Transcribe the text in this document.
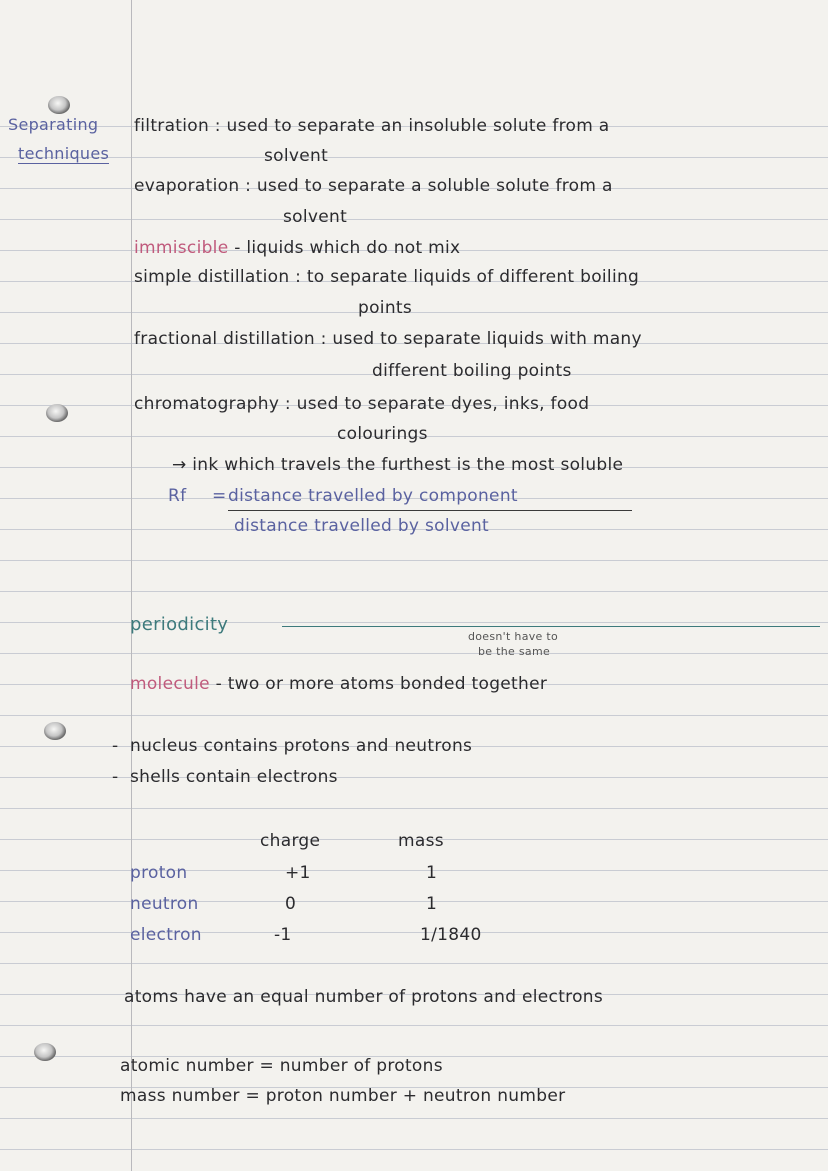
Separating
techniques
filtration : used to separate an insoluble solute from a
solvent
evaporation : used to separate a soluble solute from a
solvent
immiscible - liquids which do not mix
simple distillation : to separate liquids of different boiling
points
fractional distillation : used to separate liquids with many
different boiling points
chromatography : used to separate dyes, inks, food
colourings
→ ink which travels the furthest is the most soluble
Rf = distance travelled by component
distance travelled by solvent
periodicity
doesn't have to
be the same
molecule - two or more atoms bonded together
- nucleus contains protons and neutrons
- shells contain electrons
charge	mass
proton	+1	1
neutron	0	1
electron	-1	1/1840
atoms have an equal number of protons and electrons
atomic number = number of protons
mass number = proton number + neutron number
